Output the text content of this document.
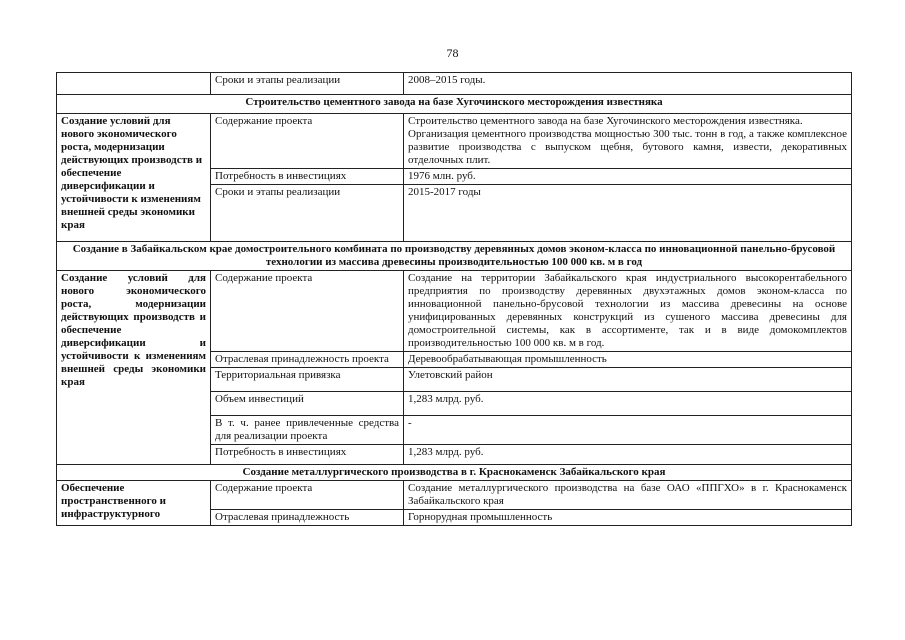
78
	Сроки и этапы реализации	2008–2015 годы.
Строительство цементного завода на базе Хугочинского месторождения известняка		
Создание условий для нового экономического роста, модернизации действующих производств и обеспечение диверсификации и устойчивости к изменениям внешней среды экономики края	Содержание проекта	Строительство цементного завода на базе Хугочинского месторождения известняка.
Организация цементного производства мощностью 300 тыс. тонн в год, а также комплексное развитие производства с выпуском щебня, бутового камня, извести, декоративных отделочных плит.

	Потребность в инвестициях	1976 млн. руб.
	Сроки и этапы реализации	2015-2017 годы
Создание в Забайкальском крае домостроительного комбината по производству деревянных домов эконом-класса по инновационной панельно-брусовой технологии из массива древесины производительностью 100 000 кв. м в год		
Создание условий для нового экономического роста, модернизации действующих производств и обеспечение диверсификации и устойчивости к изменениям внешней среды экономики края	Содержание проекта	Создание на территории Забайкальского края индустриального высокорентабельного предприятия по производству деревянных двухэтажных домов эконом-класса по инновационной панельно-брусовой технологии из массива древесины на основе унифицированных деревянных конструкций из сушеного массива древесины для домостроительной системы, как в ассортименте, так и в виде домокомплектов производительностью 100 000 кв. м в год.
	Отраслевая принадлежность проекта	Деревообрабатывающая промышленность
	Территориальная привязка	Улетовский район
	Объем инвестиций	1,283 млрд. руб.
	В т. ч. ранее привлеченные средства для реализации проекта	-
	Потребность в инвестициях	1,283 млрд. руб.
Создание металлургического производства в г. Краснокаменск Забайкальского края		
Обеспечение пространственного и инфраструктурного	Содержание проекта	Создание металлургического производства на базе ОАО «ППГХО» в г. Краснокаменск Забайкальского края
	Отраслевая принадлежность	Горнорудная промышленность
